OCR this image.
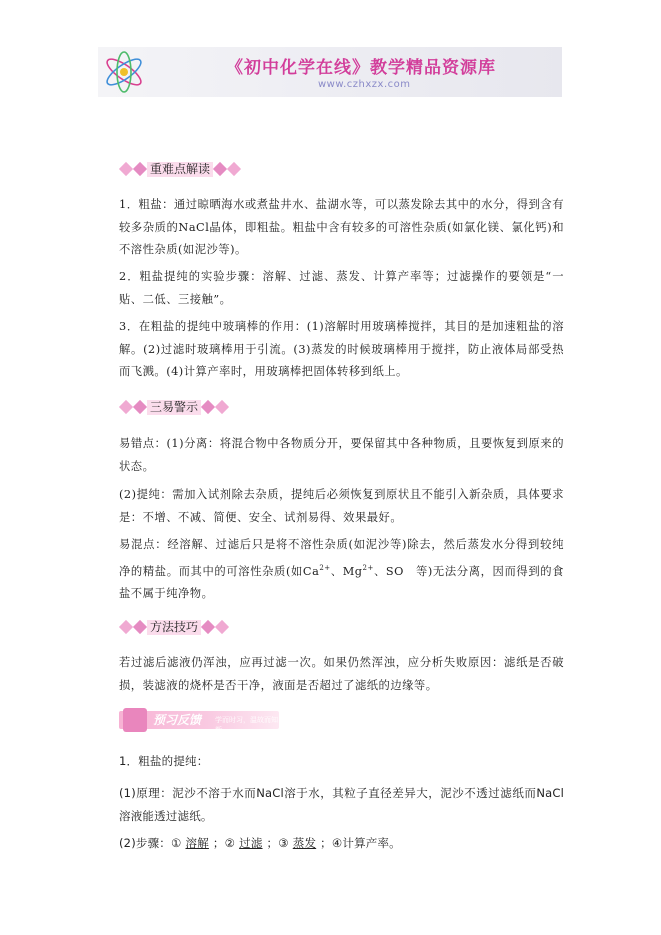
《初中化学在线》教学精品资源库
www.czhxzx.com
重难点解读
1．粗盐：通过晾晒海水或煮盐井水、盐湖水等，可以蒸发除去其中的水分，得到含有较多杂质的NaCl晶体，即粗盐。粗盐中含有较多的可溶性杂质(如氯化镁、氯化钙)和不溶性杂质(如泥沙等)。
2．粗盐提纯的实验步骤：溶解、过滤、蒸发、计算产率等；过滤操作的要领是“一贴、二低、三接触”。
3．在粗盐的提纯中玻璃棒的作用：(1)溶解时用玻璃棒搅拌，其目的是加速粗盐的溶解。(2)过滤时玻璃棒用于引流。(3)蒸发的时候玻璃棒用于搅拌，防止液体局部受热而飞溅。(4)计算产率时，用玻璃棒把固体转移到纸上。
三易警示
易错点：(1)分离：将混合物中各物质分开，要保留其中各种物质，且要恢复到原来的状态。
(2)提纯：需加入试剂除去杂质，提纯后必须恢复到原状且不能引入新杂质，具体要求是：不增、不减、简便、安全、试剂易得、效果最好。
易混点：经溶解、过滤后只是将不溶性杂质(如泥沙等)除去，然后蒸发水分得到较纯净的精盐。而其中的可溶性杂质(如$Ca^{2+}$、$Mg^{2+}$、SO　等)无法分离，因而得到的食盐不属于纯净物。
方法技巧
若过滤后滤液仍浑浊，应再过滤一次。如果仍然浑浊，应分析失败原因：滤纸是否破损，装滤液的烧杯是否干净，液面是否超过了滤纸的边缘等。
预习反馈 学而时习，温故而知新
1．粗盐的提纯：
(1)原理：泥沙不溶于水而NaCl溶于水，其粒子直径差异大，泥沙不透过滤纸而NaCl溶液能透过滤纸。
(2)步骤：① 溶解 ；② 过滤 ；③ 蒸发 ；④计算产率。
